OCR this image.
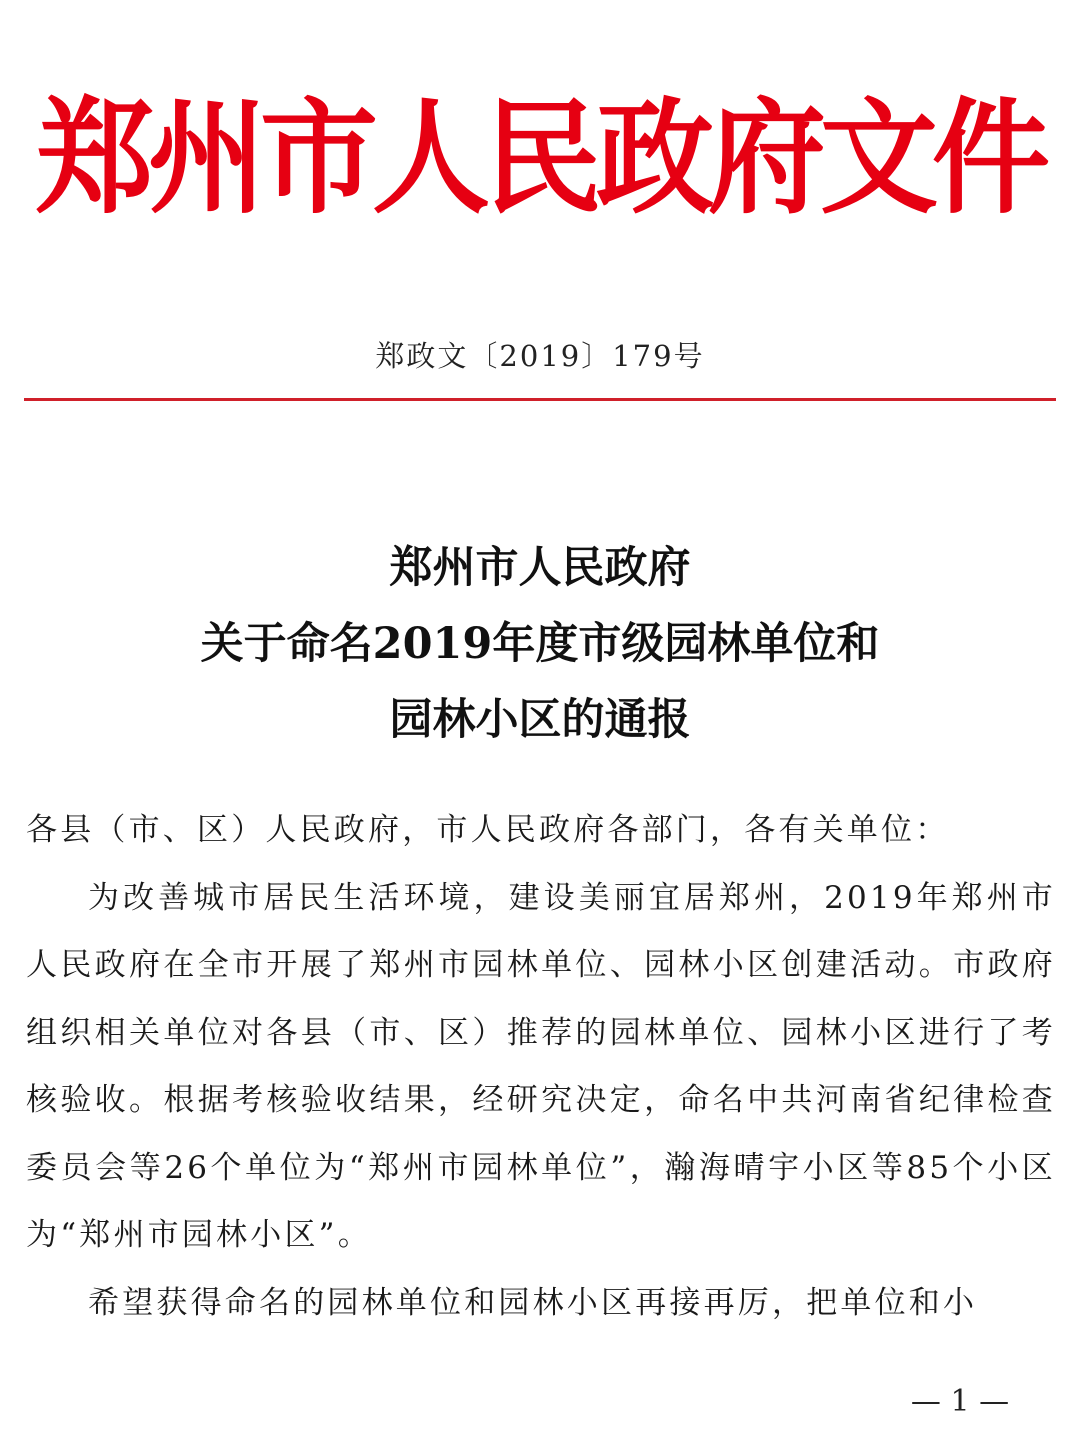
郑州市人民政府文件
郑政文〔2019〕179号
郑州市人民政府
关于命名2019年度市级园林单位和
园林小区的通报

各县（市、区）人民政府，市人民政府各部门，各有关单位：

为改善城市居民生活环境，建设美丽宜居郑州，2019年郑州市人民政府在全市开展了郑州市园林单位、园林小区创建活动。市政府组织相关单位对各县（市、区）推荐的园林单位、园林小区进行了考核验收。根据考核验收结果，经研究决定，命名中共河南省纪律检查委员会等26个单位为“郑州市园林单位”，瀚海晴宇小区等85个小区为“郑州市园林小区”。

希望获得命名的园林单位和园林小区再接再厉，把单位和小

— 1 —
